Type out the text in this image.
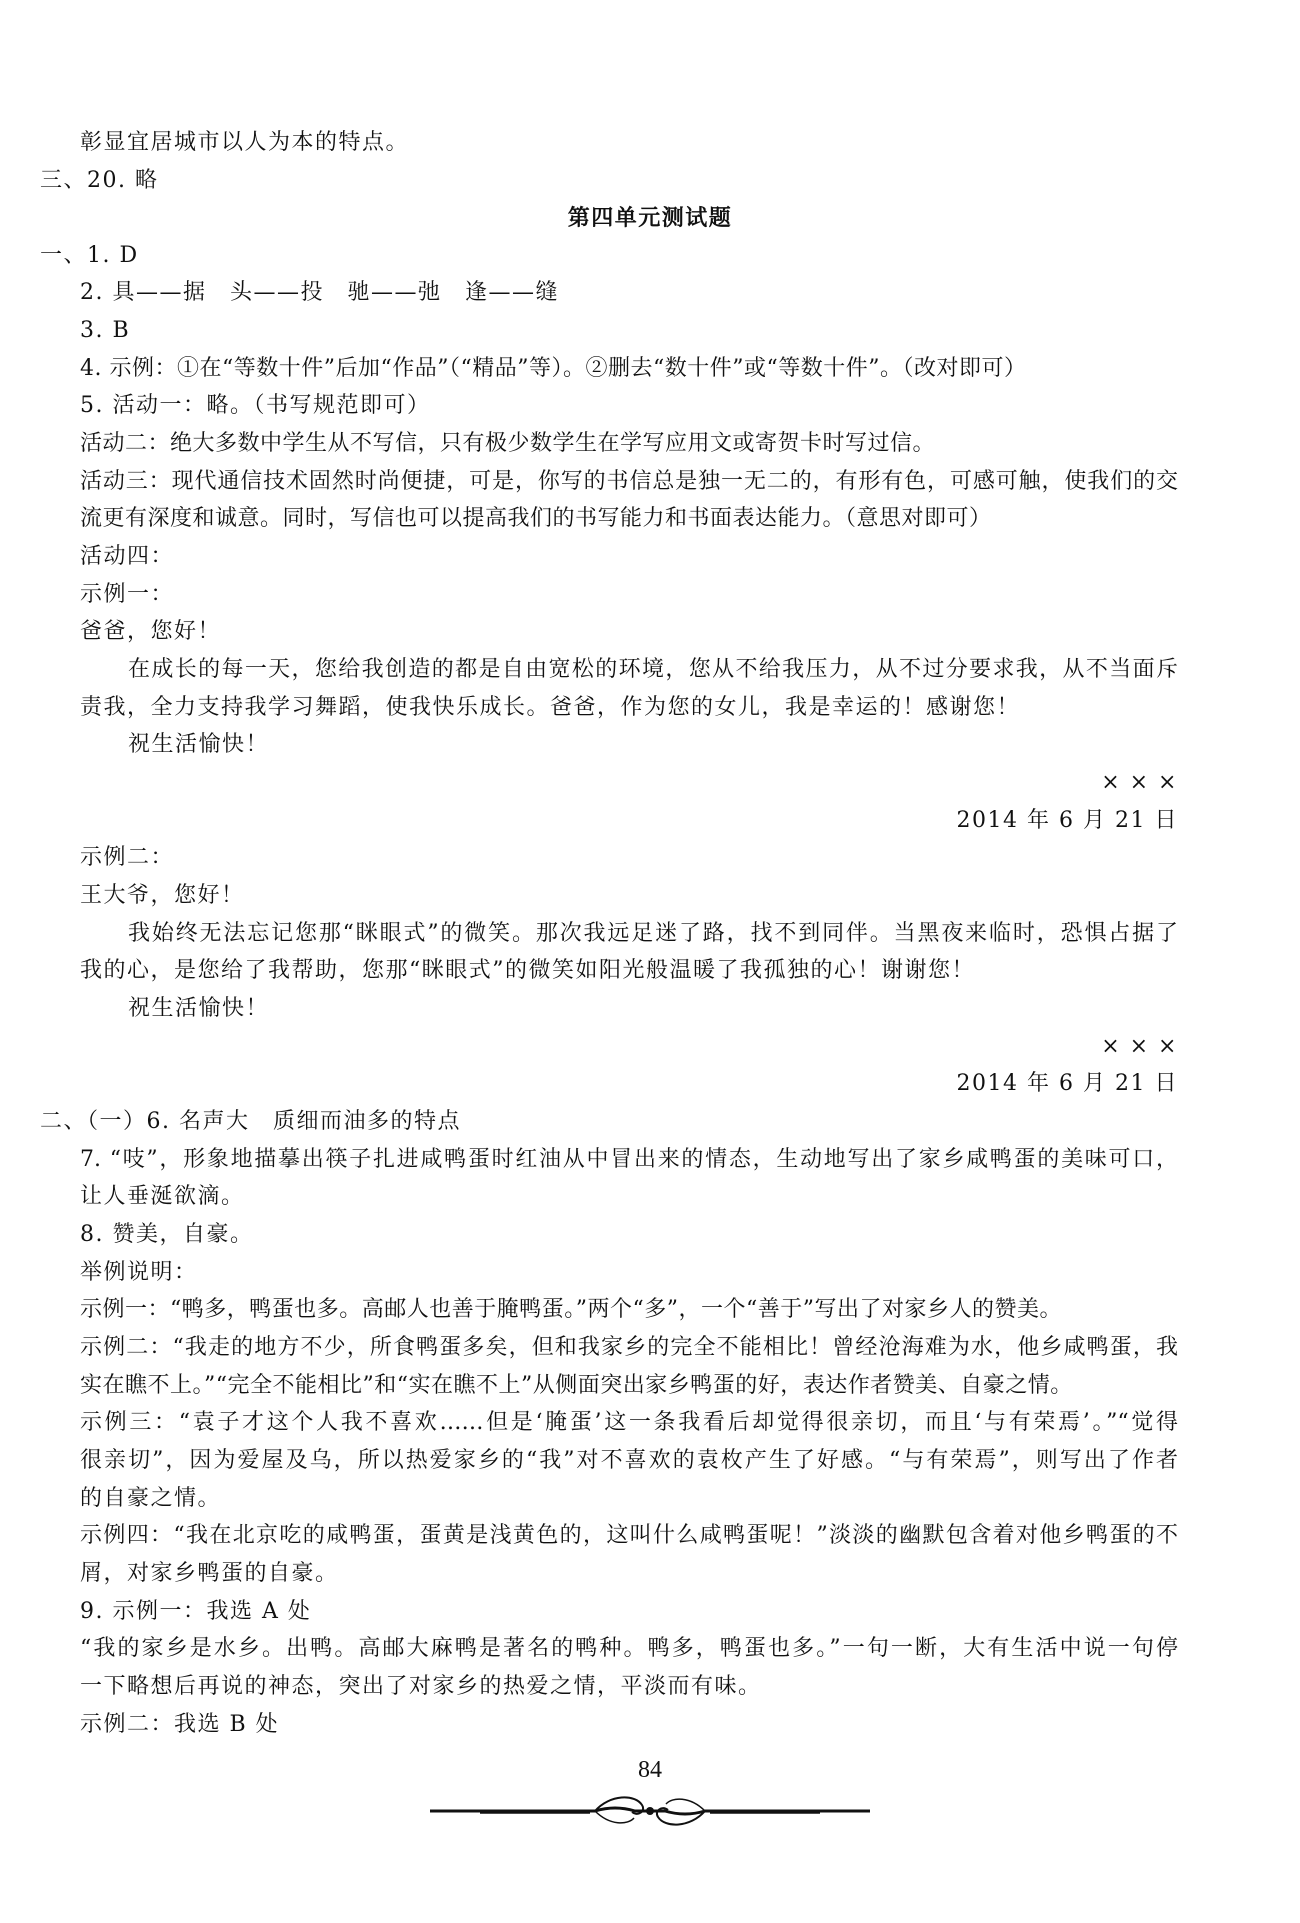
彰显宜居城市以人为本的特点。
三、20. 略
第四单元测试题
一、1. D
2. 具——据　头——投　驰——弛　逢——缝
3. B
4. 示例：①在“等数十件”后加“作品”（“精品”等）。②删去“数十件”或“等数十件”。（改对即可）
5. 活动一：略。（书写规范即可）
活动二：绝大多数中学生从不写信，只有极少数学生在学写应用文或寄贺卡时写过信。
活动三：现代通信技术固然时尚便捷，可是，你写的书信总是独一无二的，有形有色，可感可触，使我们的交
流更有深度和诚意。同时，写信也可以提高我们的书写能力和书面表达能力。（意思对即可）
活动四：
示例一：
爸爸，您好！
在成长的每一天，您给我创造的都是自由宽松的环境，您从不给我压力，从不过分要求我，从不当面斥
责我，全力支持我学习舞蹈，使我快乐成长。爸爸，作为您的女儿，我是幸运的！感谢您！
祝生活愉快！
× × ×
2014 年 6 月 21 日
示例二：
王大爷，您好！
我始终无法忘记您那“眯眼式”的微笑。那次我远足迷了路，找不到同伴。当黑夜来临时，恐惧占据了
我的心，是您给了我帮助，您那“眯眼式”的微笑如阳光般温暖了我孤独的心！谢谢您！
祝生活愉快！
× × ×
2014 年 6 月 21 日
二、（一）6. 名声大　质细而油多的特点
7. “吱”，形象地描摹出筷子扎进咸鸭蛋时红油从中冒出来的情态，生动地写出了家乡咸鸭蛋的美味可口，
让人垂涎欲滴。
8. 赞美，自豪。
举例说明：
示例一：“鸭多，鸭蛋也多。高邮人也善于腌鸭蛋。”两个“多”，一个“善于”写出了对家乡人的赞美。
示例二：“我走的地方不少，所食鸭蛋多矣，但和我家乡的完全不能相比！曾经沧海难为水，他乡咸鸭蛋，我
实在瞧不上。”“完全不能相比”和“实在瞧不上”从侧面突出家乡鸭蛋的好，表达作者赞美、自豪之情。
示例三：“袁子才这个人我不喜欢……但是‘腌蛋’这一条我看后却觉得很亲切，而且‘与有荣焉’。”“觉得
很亲切”，因为爱屋及乌，所以热爱家乡的“我”对不喜欢的袁枚产生了好感。“与有荣焉”，则写出了作者
的自豪之情。
示例四：“我在北京吃的咸鸭蛋，蛋黄是浅黄色的，这叫什么咸鸭蛋呢！”淡淡的幽默包含着对他乡鸭蛋的不
屑，对家乡鸭蛋的自豪。
9. 示例一：我选 A 处
“我的家乡是水乡。出鸭。高邮大麻鸭是著名的鸭种。鸭多，鸭蛋也多。”一句一断，大有生活中说一句停
一下略想后再说的神态，突出了对家乡的热爱之情，平淡而有味。
示例二：我选 B 处
84
